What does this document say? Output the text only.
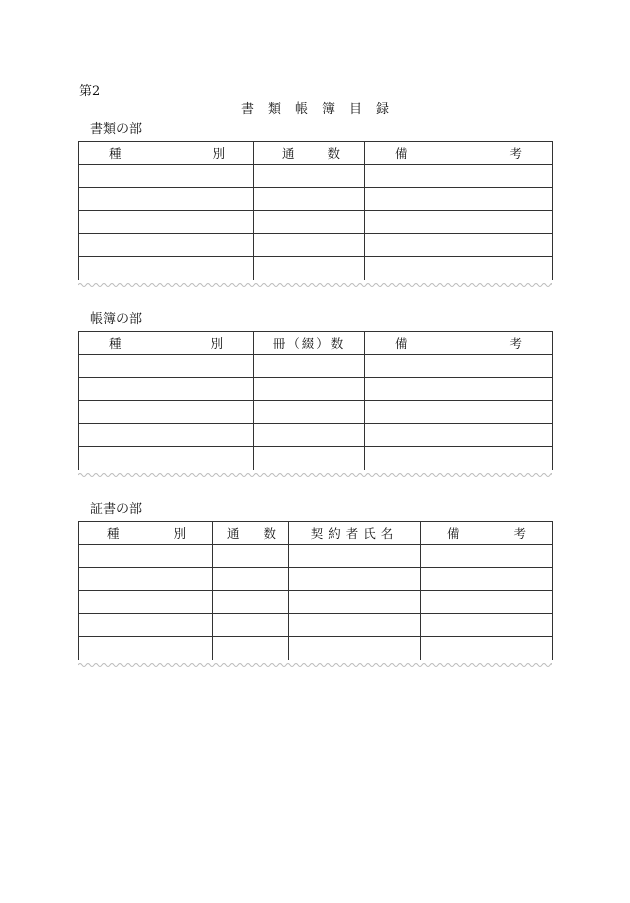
第2
書類帳簿目録
書類の部
種 別	通 数	備 考

帳簿の部
種 別	冊（綴）数	備 考

証書の部
種 別	通 数	契約者氏名	備 考
